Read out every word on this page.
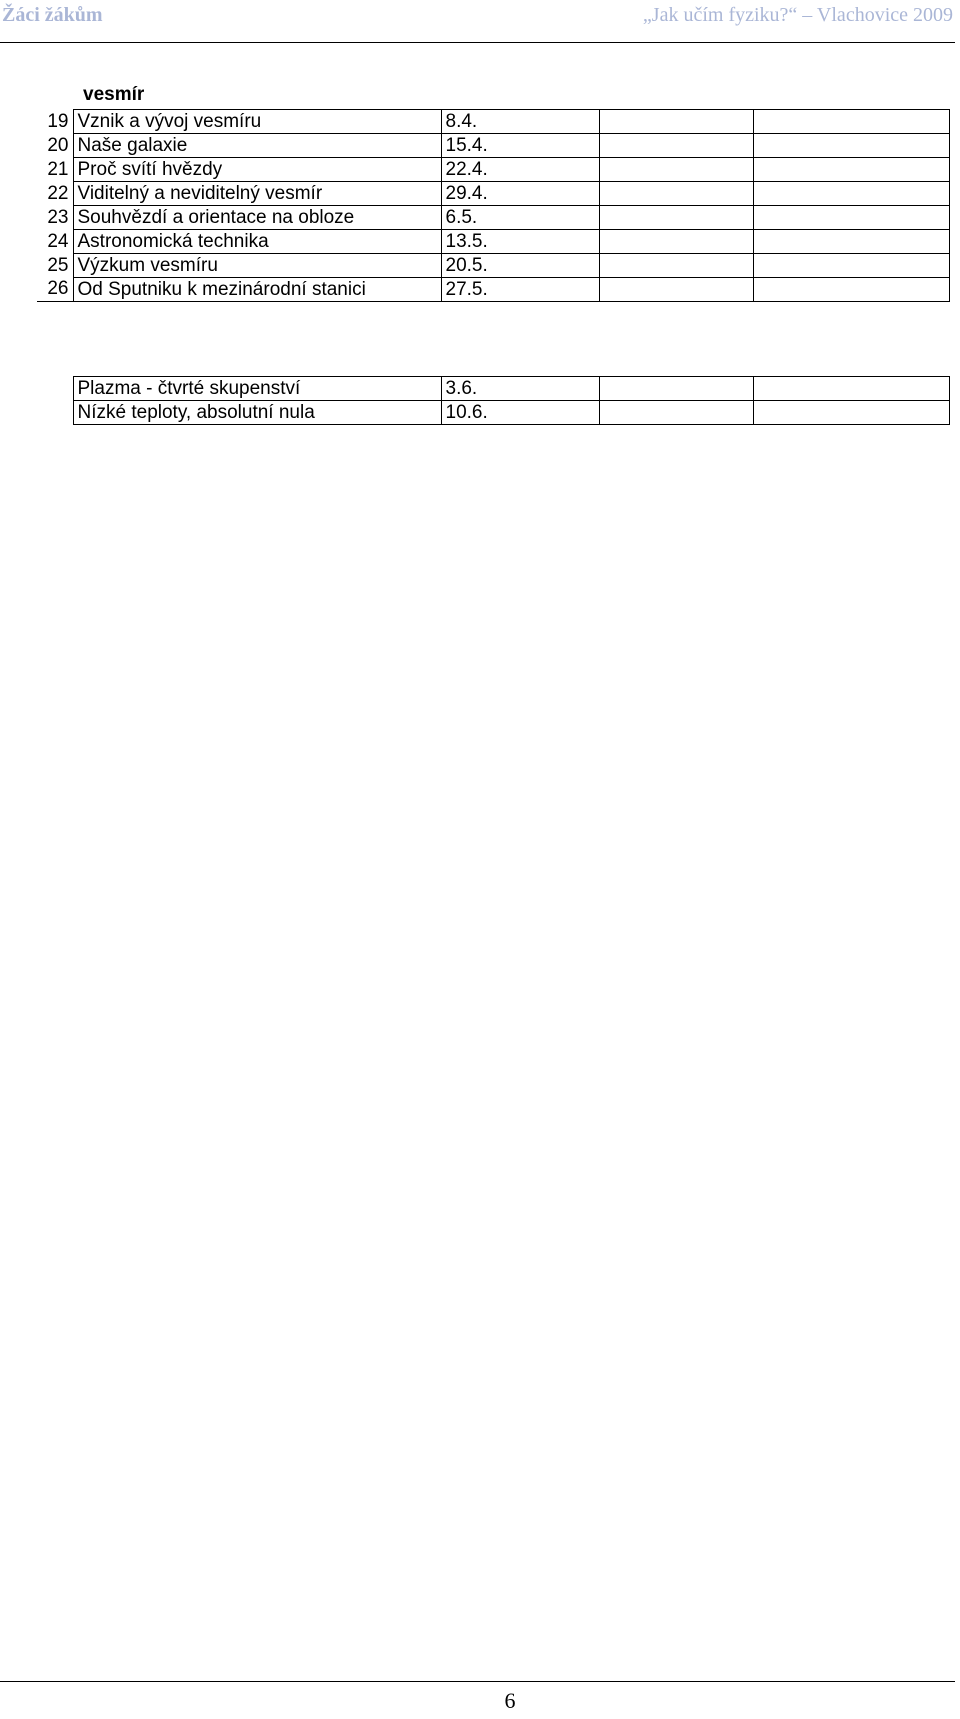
Žáci žákům	„Jak učím fyziku?“ – Vlachovice 2009
vesmír
19	Vznik a vývoj vesmíru	8.4.		
20	Naše galaxie	15.4.		
21	Proč svítí hvězdy	22.4.		
22	Viditelný a neviditelný vesmír	29.4.		
23	Souhvězdí a orientace na obloze	6.5.		
24	Astronomická technika	13.5.		
25	Výzkum vesmíru	20.5.		
26	Od Sputniku k mezinárodní stanici	27.5.		
	Plazma - čtvrté skupenství	3.6.		
	Nízké teploty, absolutní nula	10.6.		
6
